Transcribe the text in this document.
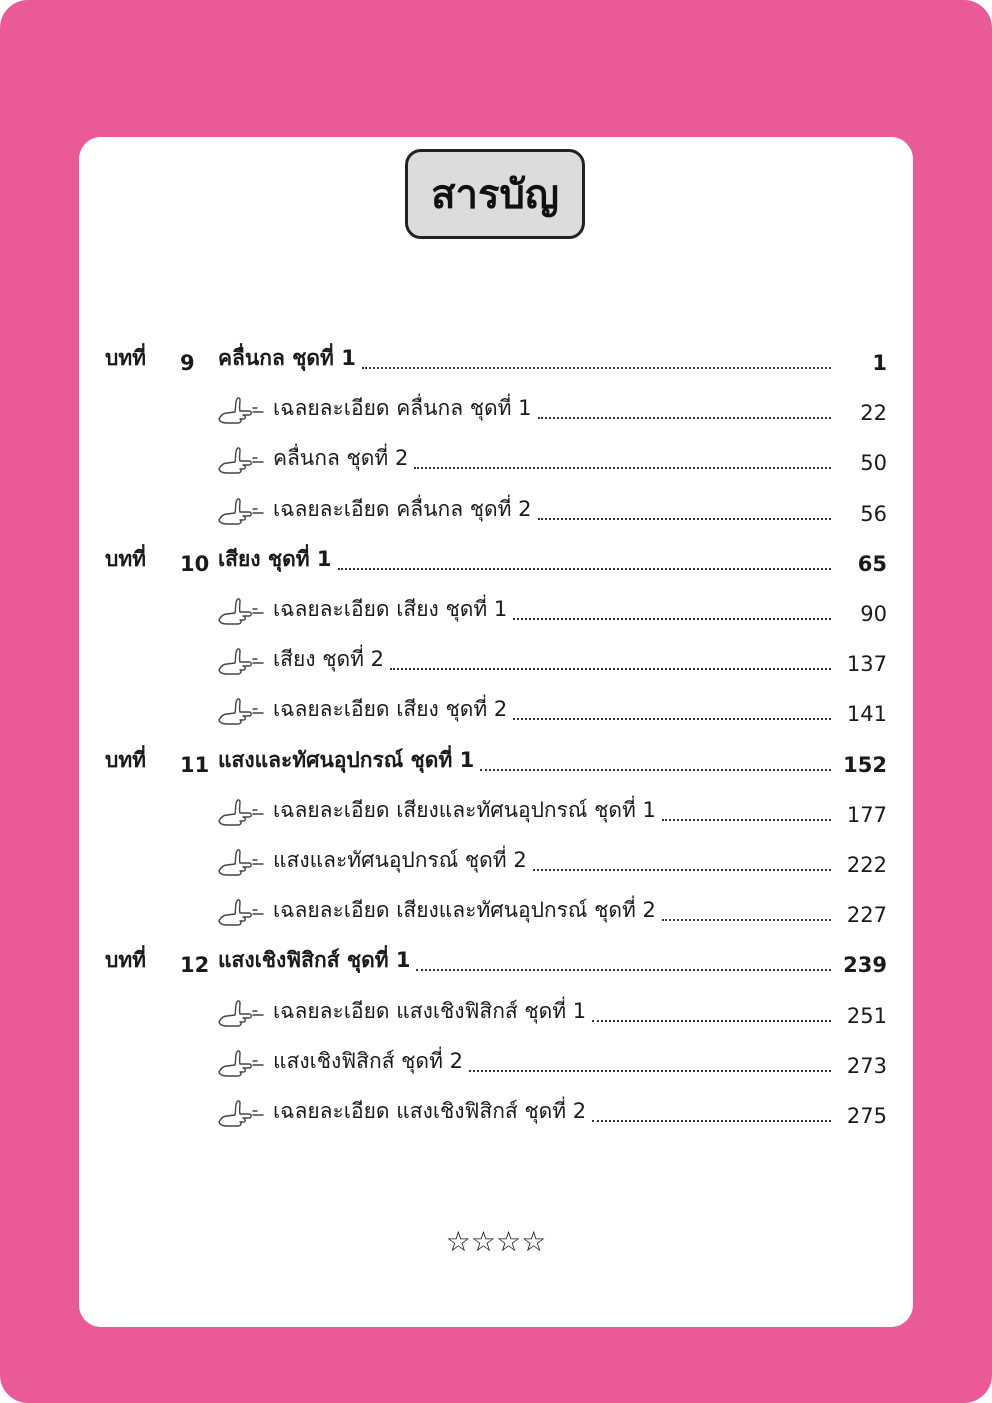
สารบัญ
บทที่	9	คลื่นกล ชุดที่ 1	1
เฉลยละเอียด คลื่นกล ชุดที่ 1	22
คลื่นกล ชุดที่ 2	50
เฉลยละเอียด คลื่นกล ชุดที่ 2	56
บทที่	10 เสียง ชุดที่ 1	65
เฉลยละเอียด เสียง ชุดที่ 1	90
เสียง ชุดที่ 2	137
เฉลยละเอียด เสียง ชุดที่ 2	141
บทที่	11 แสงและทัศนอุปกรณ์ ชุดที่ 1	152
เฉลยละเอียด เสียงและทัศนอุปกรณ์ ชุดที่ 1	177
แสงและทัศนอุปกรณ์ ชุดที่ 2	222
เฉลยละเอียด เสียงและทัศนอุปกรณ์ ชุดที่ 2	227
บทที่	12 แสงเชิงฟิสิกส์ ชุดที่ 1	239
เฉลยละเอียด แสงเชิงฟิสิกส์ ชุดที่ 1	251
แสงเชิงฟิสิกส์ ชุดที่ 2	273
เฉลยละเอียด แสงเชิงฟิสิกส์ ชุดที่ 2	275
☆☆☆☆
